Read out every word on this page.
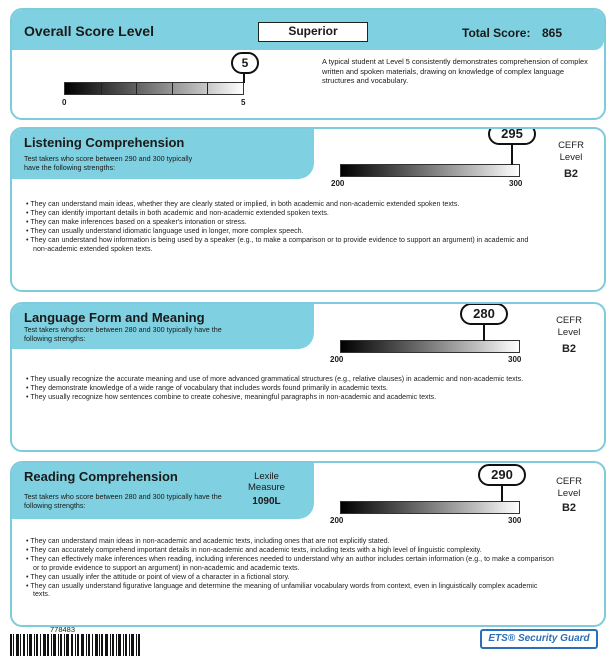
Overall Score Level	Superior	Total Score: 865
5
0	5
A typical student at Level 5 consistently demonstrates comprehension of complex written and spoken materials, drawing on knowledge of complex language structures and vocabulary.
Listening Comprehension
Test takers who score between 290 and 300 typically have the following strengths:
295
200	300
CEFR
Level
B2
• They can understand main ideas, whether they are clearly stated or implied, in both academic and non-academic extended spoken texts.
• They can identify important details in both academic and non-academic extended spoken texts.
• They can make inferences based on a speaker's intonation or stress.
• They can usually understand idiomatic language used in longer, more complex speech.
• They can understand how information is being used by a speaker (e.g., to make a comparison or to provide evidence to support an argument) in academic and non-academic extended spoken texts.
Language Form and Meaning
Test takers who score between 280 and 300 typically have the following strengths:
280
200	300
CEFR
Level
B2
• They usually recognize the accurate meaning and use of more advanced grammatical structures (e.g., relative clauses) in academic and non-academic texts.
• They demonstrate knowledge of a wide range of vocabulary that includes words found primarily in academic texts.
• They usually recognize how sentences combine to create cohesive, meaningful paragraphs in non-academic and academic texts.
Reading Comprehension
Test takers who score between 280 and 300 typically have the following strengths:
Lexile
Measure
1090L
290
200	300
CEFR
Level
B2
• They can understand main ideas in non-academic and academic texts, including ones that are not explicitly stated.
• They can accurately comprehend important details in non-academic and academic texts, including texts with a high level of linguistic complexity.
• They can effectively make inferences when reading, including inferences needed to understand why an author includes certain information (e.g., to make a comparison or to provide evidence to support an argument) in non-academic and academic texts.
• They can usually infer the attitude or point of view of a character in a fictional story.
• They can usually understand figurative language and determine the meaning of unfamiliar vocabulary words from context, even in linguistically complex academic texts.
778483
ETS® Security Guard
